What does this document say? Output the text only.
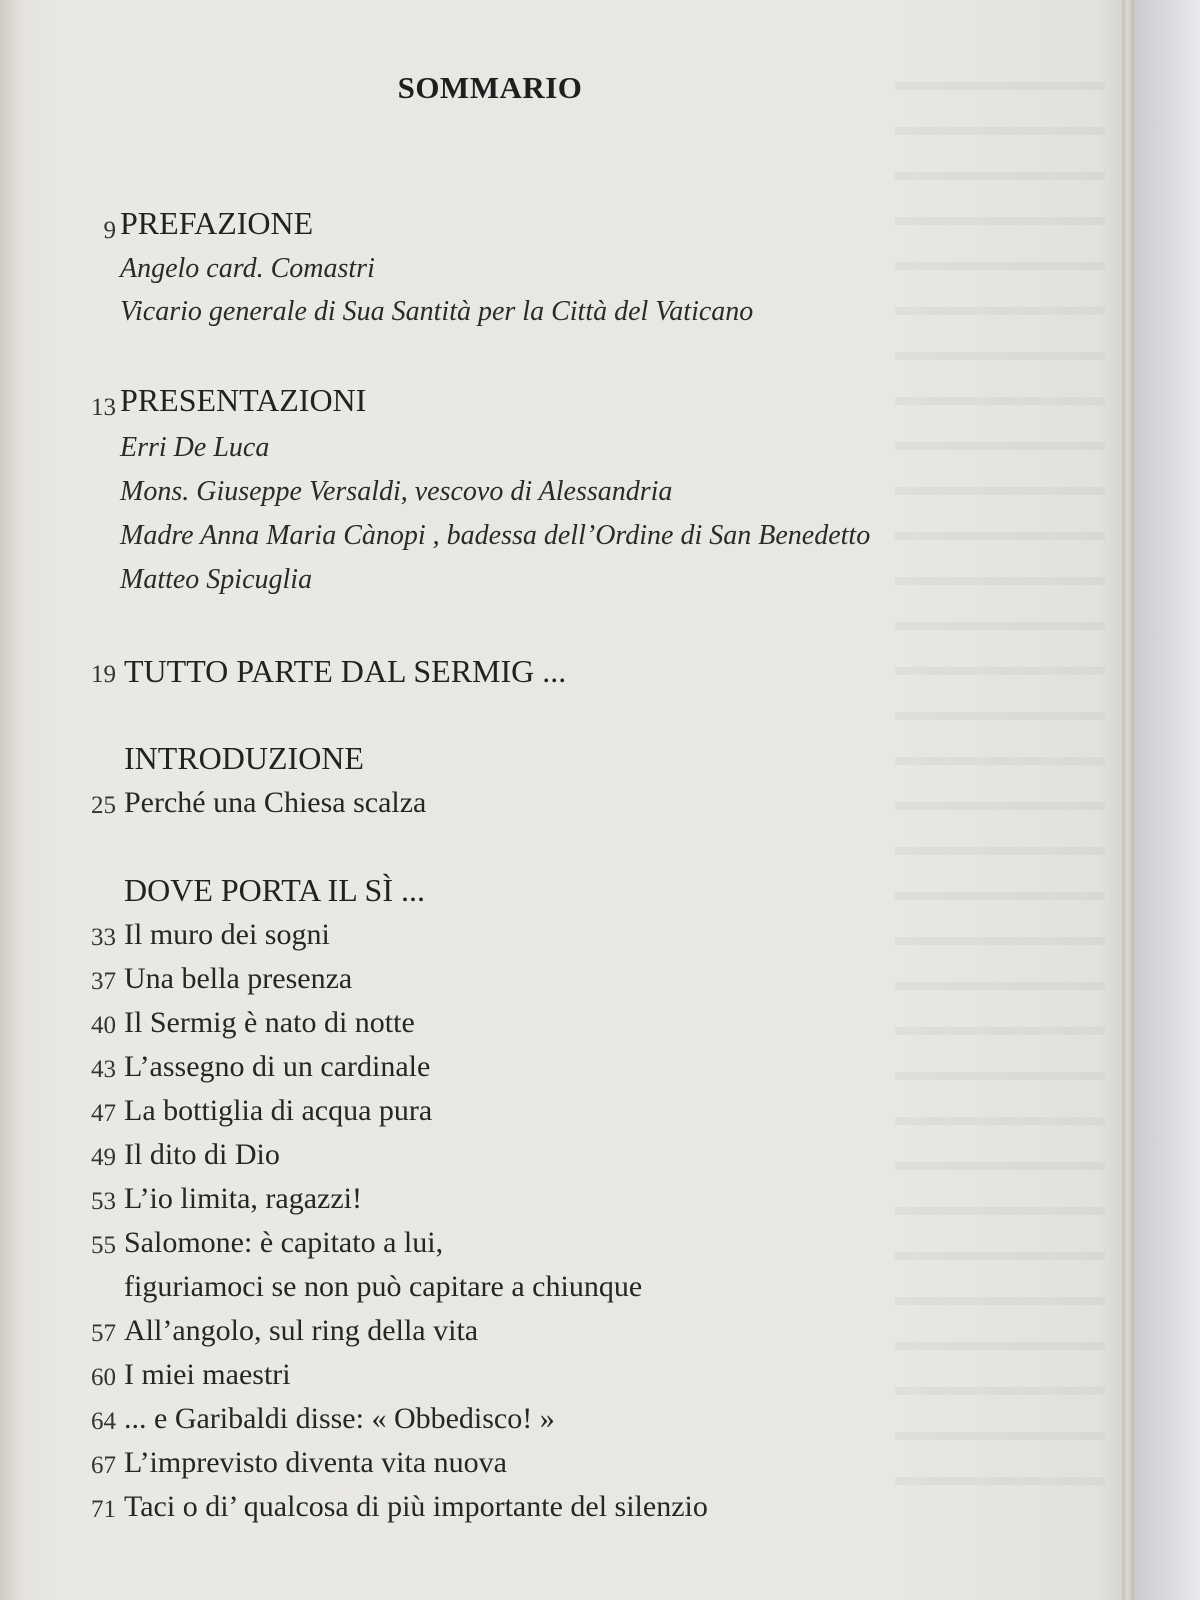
SOMMARIO
9 PREFAZIONE
Angelo card. Comastri
Vicario generale di Sua Santità per la Città del Vaticano
13 PRESENTAZIONI
Erri De Luca
Mons. Giuseppe Versaldi, vescovo di Alessandria
Madre Anna Maria Cànopi , badessa dell’Ordine di San Benedetto
Matteo Spicuglia
19 TUTTO PARTE DAL SERMIG ...
INTRODUZIONE
25 Perché una Chiesa scalza
DOVE PORTA IL SÌ ...
33 Il muro dei sogni
37 Una bella presenza
40 Il Sermig è nato di notte
43 L’assegno di un cardinale
47 La bottiglia di acqua pura
49 Il dito di Dio
53 L’io limita, ragazzi!
55 Salomone: è capitato a lui,
figuriamoci se non può capitare a chiunque
57 All’angolo, sul ring della vita
60 I miei maestri
64 ... e Garibaldi disse: « Obbedisco! »
67 L’imprevisto diventa vita nuova
71 Taci o di’ qualcosa di più importante del silenzio
